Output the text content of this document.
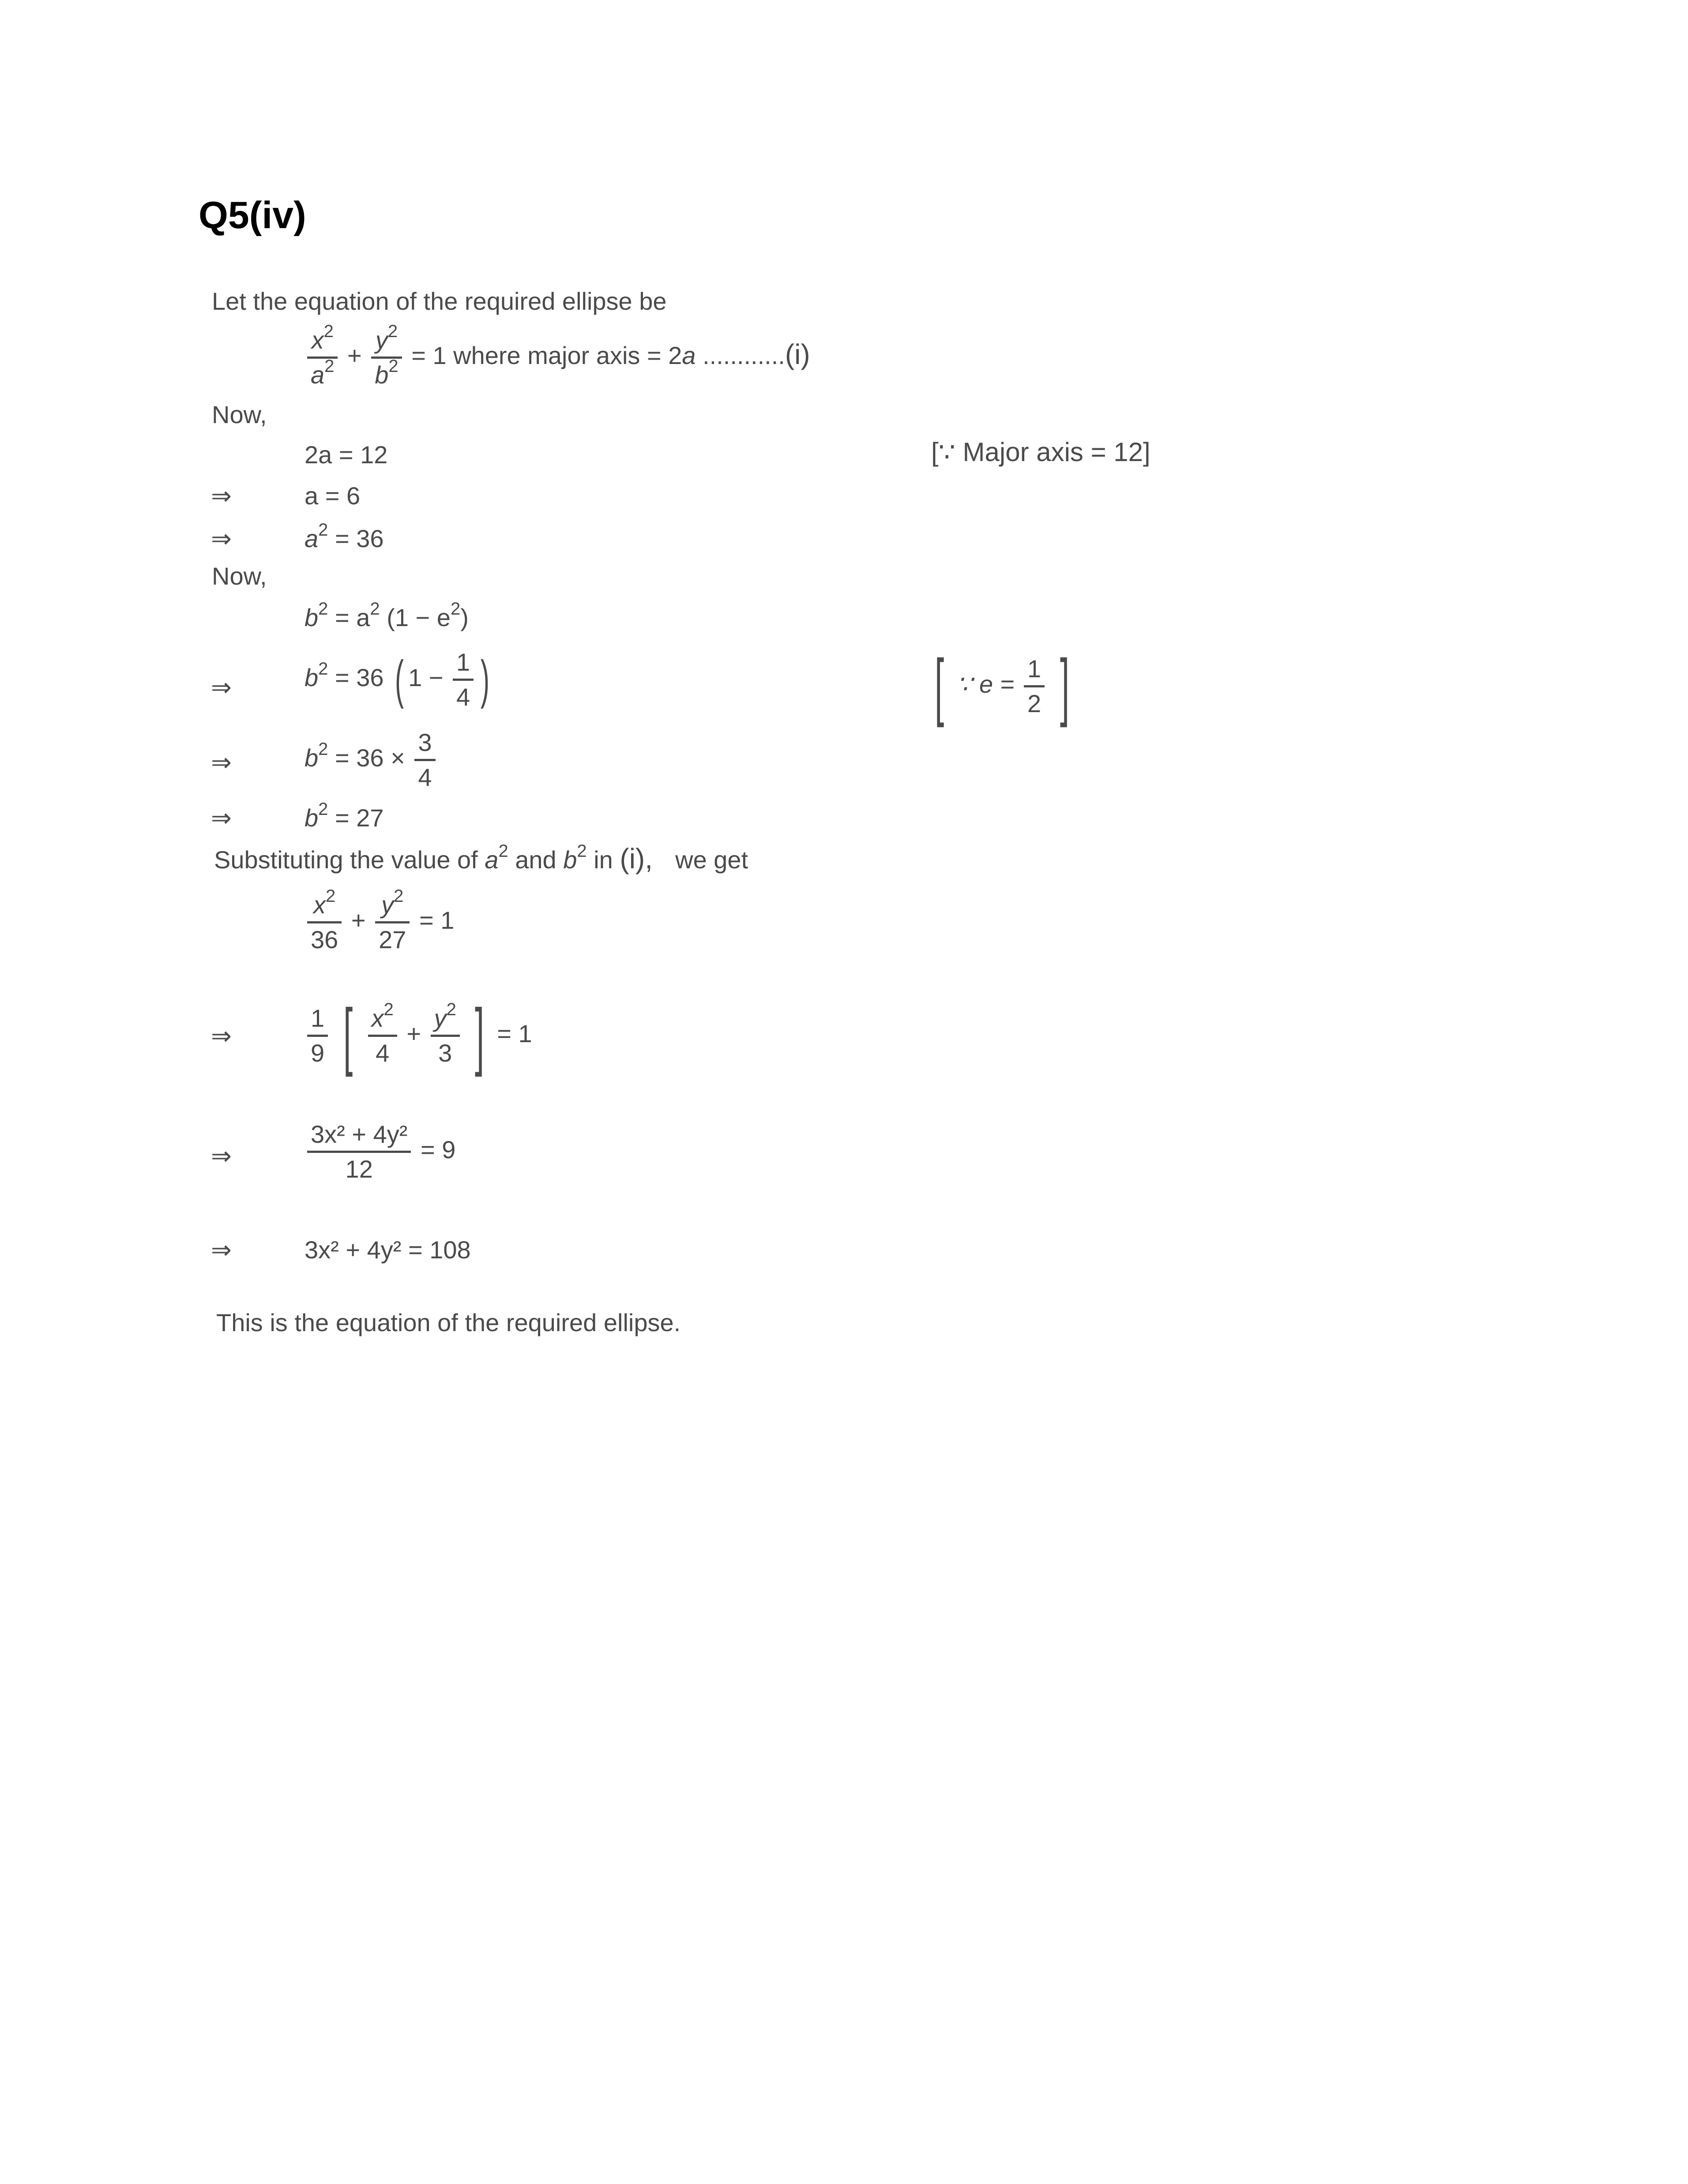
Q5(iv)
Let the equation of the required ellipse be
$\frac{x^2}{a^2} + \frac{y^2}{b^2} = 1$ where major axis = 2a ............(i)
Now,
2a = 12	[∵ Major axis = 12]
⇒	a = 6
⇒	$a^2 = 36$
Now,
$b^2 = a^2$ $(1 - e^2)$
⇒	$b^2 = 36$ ( $1 - \frac{1}{4}$ )	[ ∵ $e = \frac{1}{2}$ ]
⇒	$b^2 = 36 \times \frac{3}{4}$
⇒	$b^2 = 27$
Substituting the value of $a^2$ and $b^2$ in (i), we get
$\frac{x^2}{36} + \frac{y^2}{27} = 1$
⇒	$\frac{1}{9}$ [ $\frac{x^2}{4} + \frac{y^2}{3}$ ] = 1
⇒	$\frac{\text{3x² + 4y²}}{12} = 9$
⇒	3x² + 4y² = 108
This is the equation of the required ellipse.
